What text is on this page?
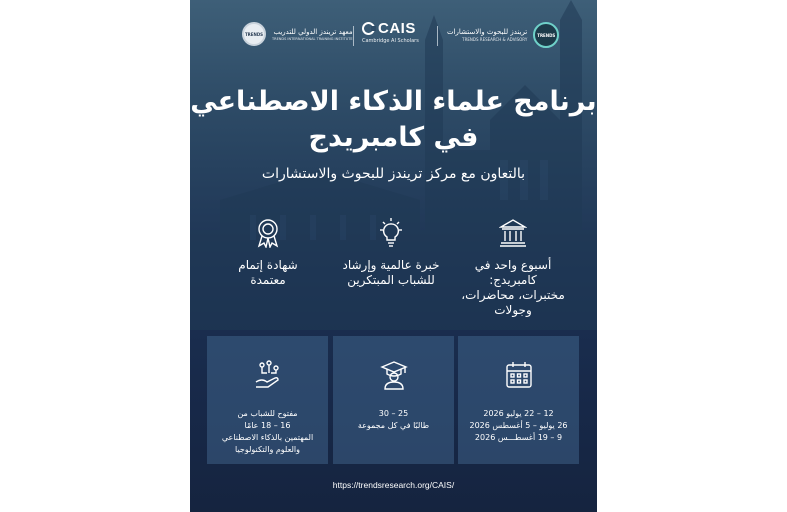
TRENDS معهد تريندز الدولي للتدريب
TRENDS INTERNATIONAL TRAINING INSTITUTE
CAIS
Cambridge AI Scholars
تريندز للبحوث والاستشارات
TRENDS RESEARCH & ADVISORY
TRENDS
برنامج علماء الذكاء الاصطناعي
في كامبريدج
بالتعاون مع مركز تريندز للبحوث والاستشارات
شهادة إتمام
معتمدة
خبرة عالمية وإرشاد
للشباب المبتكرين
أسبوع واحد في
كامبريدج:
مختبرات، محاضرات،
وجولات
مفتوح للشباب من
16 – 18 عامًا
المهتمين بالذكاء الاصطناعي
والعلوم والتكنولوجيا
25 – 30
طالبًا في كل مجموعة
12 – 22 يوليو 2026
26 يوليو – 5 أغسطس 2026
9 – 19 أغسطـــس 2026
https://trendsresearch.org/CAIS/
